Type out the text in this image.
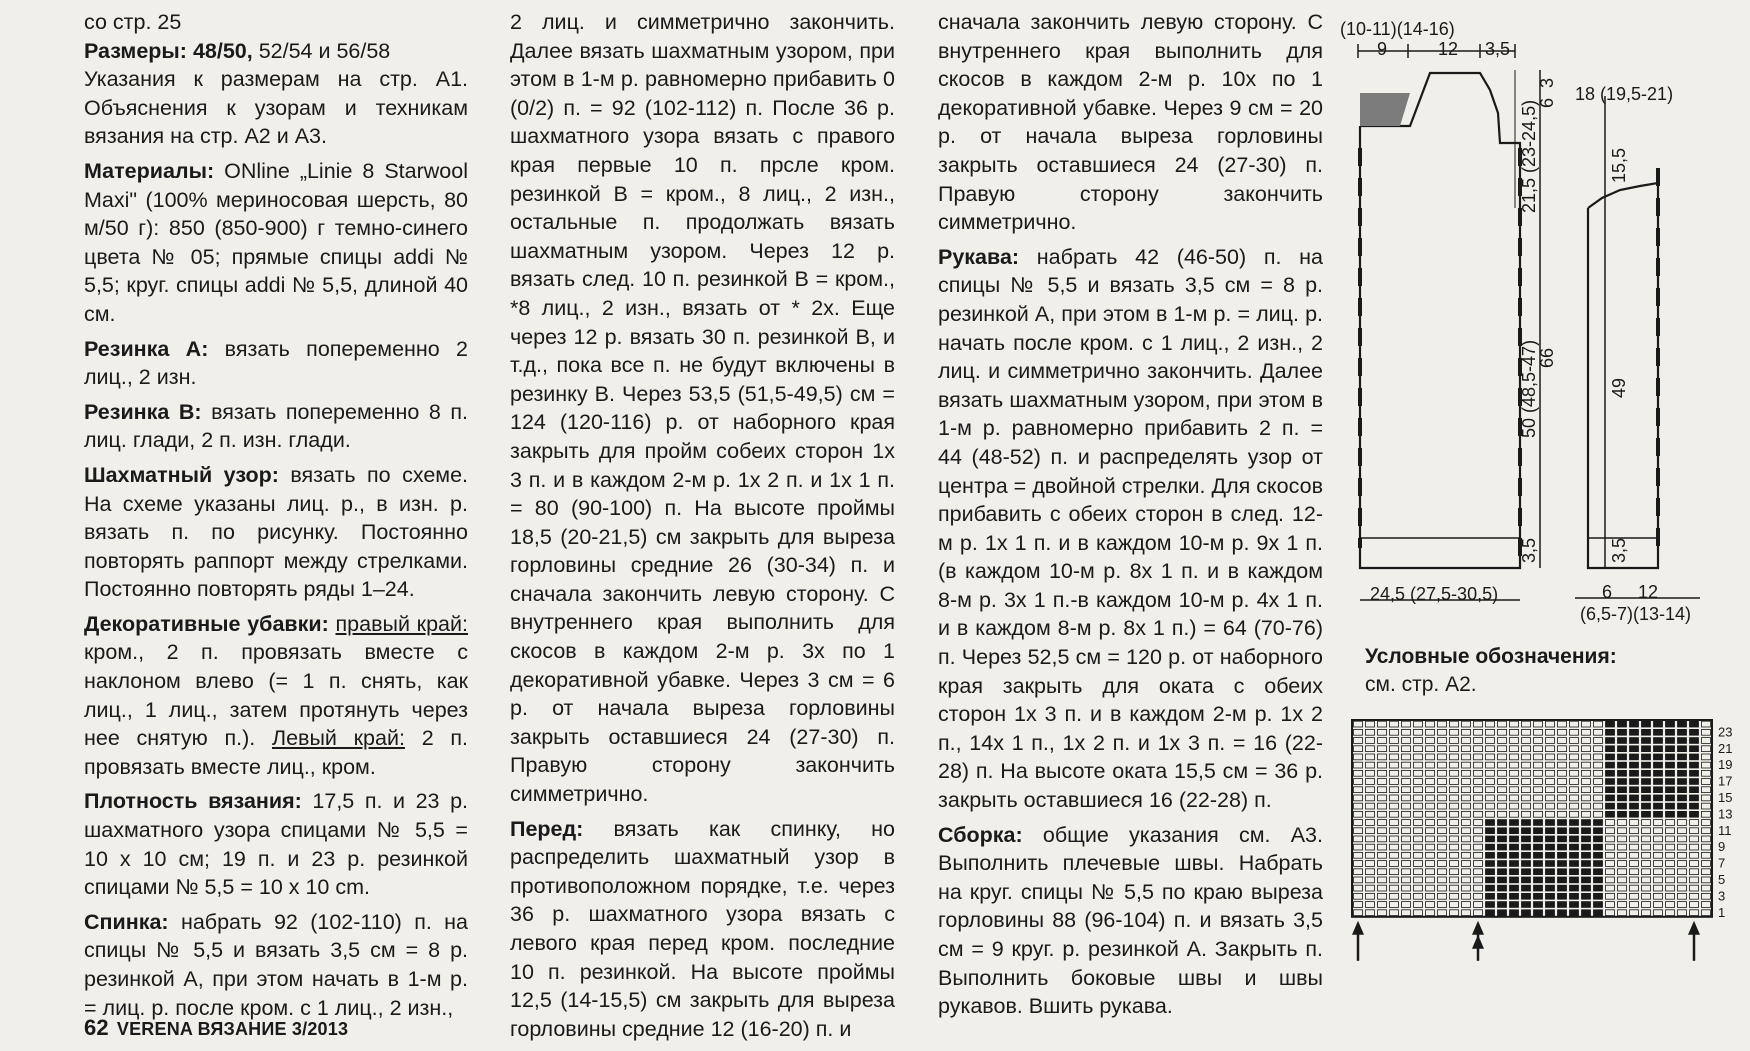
со стр. 25

Размеры: 48/50, 52/54 и 56/58

Указания к размерам на стр. А1. Объяснения к узорам и техникам вязания на стр. А2 и А3.

Материалы: ONline „Linie 8 Starwool Maxi" (100% мериносовая шерсть, 80 м/50 г): 850 (850-900) г темно-синего цвета № 05; прямые спицы addi № 5,5; круг. спицы addi № 5,5, длиной 40 см.

Резинка А: вязать попеременно 2 лиц., 2 изн.

Резинка В: вязать попеременно 8 п. лиц. глади, 2 п. изн. глади.

Шахматный узор: вязать по схеме. На схеме указаны лиц. р., в изн. р. вязать п. по рисунку. Постоянно повторять раппорт между стрелками. Постоянно повторять ряды 1–24.

Декоративные убавки: правый край: кром., 2 п. провязать вместе с наклоном влево (= 1 п. снять, как лиц., 1 лиц., затем протянуть через нее снятую п.). Левый край: 2 п. провязать вместе лиц., кром.

Плотность вязания: 17,5 п. и 23 р. шахматного узора спицами № 5,5 = 10 х 10 см; 19 п. и 23 р. резинкой спицами № 5,5 = 10 х 10 cm.

Спинка: набрать 92 (102-110) п. на спицы № 5,5 и вязать 3,5 см = 8 р. резинкой А, при этом начать в 1-м р. = лиц. р. после кром. с 1 лиц., 2 изн.,

2 лиц. и симметрично закончить. Далее вязать шахматным узором, при этом в 1-м р. равномерно прибавить 0 (0/2) п. = 92 (102-112) п. После 36 р. шахматного узора вязать с правого края первые 10 п. прсле кром. резинкой В = кром., 8 лиц., 2 изн., остальные п. продолжать вязать шахматным узором. Через 12 р. вязать след. 10 п. резинкой В = кром., *8 лиц., 2 изн., вязать от * 2х. Еще через 12 р. вязать 30 п. резинкой В, и т.д., пока все п. не будут включены в резинку В. Через 53,5 (51,5-49,5) см = 124 (120-116) р. от наборного края закрыть для пройм собеих сторон 1х 3 п. и в каждом 2-м р. 1х 2 п. и 1х 1 п. = 80 (90-100) п. На высоте проймы 18,5 (20-21,5) см закрыть для выреза горловины средние 26 (30-34) п. и сначала закончить левую сторону. С внутреннего края выполнить для скосов в каждом 2-м р. 3х по 1 декоративной убавке. Через 3 см = 6 р. от начала выреза горловины закрыть оставшиеся 24 (27-30) п. Правую сторону закончить симметрично.

Перед: вязать как спинку, но распределить шахматный узор в противоположном порядке, т.е. через 36 р. шахматного узора вязать с левого края перед кром. последние 10 п. резинкой. На высоте проймы 12,5 (14-15,5) см закрыть для выреза горловины средние 12 (16-20) п. и

сначала закончить левую сторону. С внутреннего края выполнить для скосов в каждом 2-м р. 10х по 1 декоративной убавке. Через 9 см = 20 р. от начала выреза горловины закрыть оставшиеся 24 (27-30) п. Правую сторону закончить симметрично.

Рукава: набрать 42 (46-50) п. на спицы № 5,5 и вязать 3,5 см = 8 р. резинкой А, при этом в 1-м р. = лиц. р. начать после кром. с 1 лиц., 2 изн., 2 лиц. и симметрично закончить. Далее вязать шахматным узором, при этом в 1-м р. равномерно прибавить 2 п. = 44 (48-52) п. и распределять узор от центра = двойной стрелки. Для скосов прибавить с обеих сторон в след. 12-м р. 1х 1 п. и в каждом 10-м р. 9х 1 п. (в каждом 10-м р. 8х 1 п. и в каждом 8-м р. 3х 1 п.-в каждом 10-м р. 4х 1 п. и в каждом 8-м р. 8х 1 п.) = 64 (70-76) п. Через 52,5 см = 120 р. от наборного края закрыть для оката с обеих сторон 1х 3 п. и в каждом 2-м р. 1х 2 п., 14х 1 п., 1х 2 п. и 1х 3 п. = 16 (22-28) п. На высоте оката 15,5 см = 36 р. закрыть оставшиеся 16 (22-28) п.

Сборка: общие указания см. А3. Выполнить плечевые швы. Набрать на круг. спицы № 5,5 по краю выреза горловины 88 (96-104) п. и вязать 3,5 см = 9 круг. р. резинкой А. Закрыть п. Выполнить боковые швы и швы рукавов. Вшить рукава.

62 VERENA ВЯЗАНИЕ 3/2013
(10-11)(14-16)
9	12 3,5
18 (19,5-21)
24,5 (27,5-30,5)	6 12
(6,5-7)(13-14)
6
3
66
21,5 (23-24,5)
50 (48,5-47)
3,5
15,5
49
3,5
Условные обозначения:
см. стр. А2.
1
3
5
7
9
11
13
15
17
19
21
23
